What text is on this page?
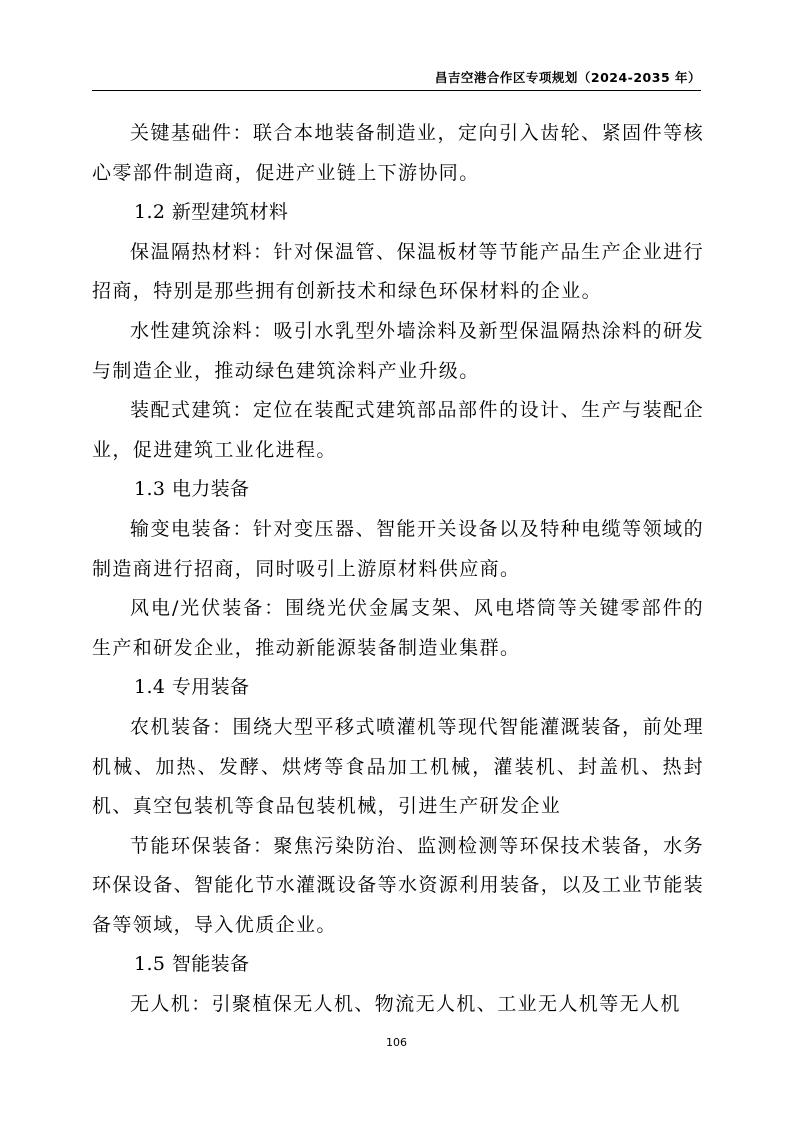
昌吉空港合作区专项规划（2024-2035 年）

关键基础件：联合本地装备制造业，定向引入齿轮、紧固件等核心零部件制造商，促进产业链上下游协同。

1.2 新型建筑材料

保温隔热材料：针对保温管、保温板材等节能产品生产企业进行招商，特别是那些拥有创新技术和绿色环保材料的企业。

水性建筑涂料：吸引水乳型外墙涂料及新型保温隔热涂料的研发与制造企业，推动绿色建筑涂料产业升级。

装配式建筑：定位在装配式建筑部品部件的设计、生产与装配企业，促进建筑工业化进程。

1.3 电力装备

输变电装备：针对变压器、智能开关设备以及特种电缆等领域的制造商进行招商，同时吸引上游原材料供应商。

风电/光伏装备：围绕光伏金属支架、风电塔筒等关键零部件的生产和研发企业，推动新能源装备制造业集群。

1.4 专用装备

农机装备：围绕大型平移式喷灌机等现代智能灌溉装备，前处理机械、加热、发酵、烘烤等食品加工机械，灌装机、封盖机、热封机、真空包装机等食品包装机械，引进生产研发企业

节能环保装备：聚焦污染防治、监测检测等环保技术装备，水务环保设备、智能化节水灌溉设备等水资源利用装备，以及工业节能装备等领域，导入优质企业。

1.5 智能装备

无人机：引聚植保无人机、物流无人机、工业无人机等无人机

106
